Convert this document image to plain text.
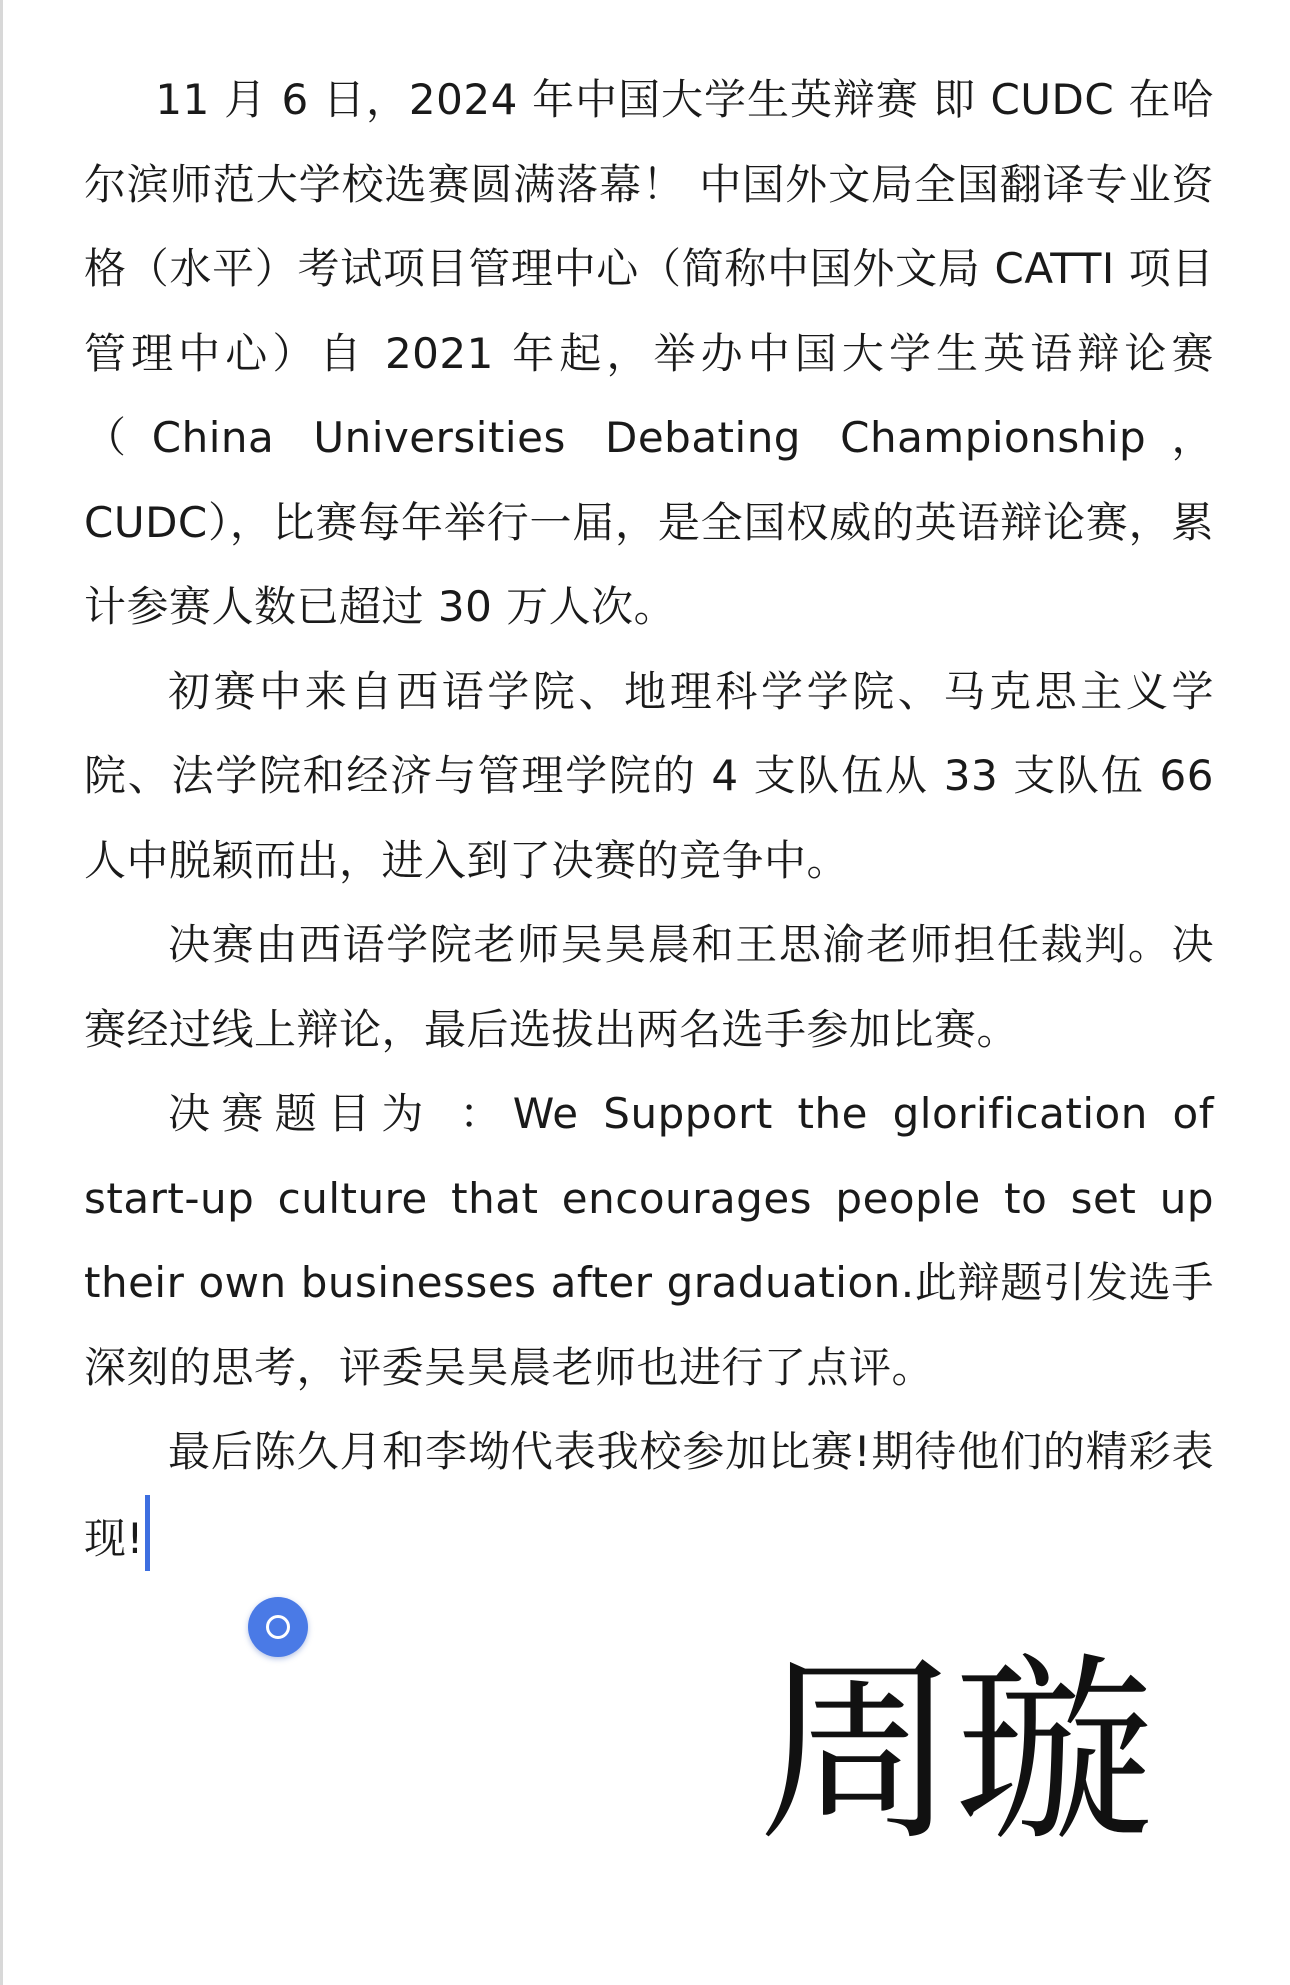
11 月 6 日，2024 年中国大学生英辩赛 即 CUDC 在哈尔滨师范大学校选赛圆满落幕！ 中国外文局全国翻译专业资格（水平）考试项目管理中心（简称中国外文局 CATTI 项目管理中心）自 2021 年起，举办中国大学生英语辩论赛（China Universities Debating Championship，CUDC），比赛每年举行一届，是全国权威的英语辩论赛，累计参赛人数已超过 30 万人次。

初赛中来自西语学院、地理科学学院、马克思主义学院、法学院和经济与管理学院的 4 支队伍从 33 支队伍 66 人中脱颖而出，进入到了决赛的竞争中。

决赛由西语学院老师吴昊晨和王思渝老师担任裁判。决赛经过线上辩论，最后选拔出两名选手参加比赛。

决赛题目为 ：We Support the glorification of start-up culture that encourages people to set up their own businesses after graduation.此辩题引发选手深刻的思考，评委吴昊晨老师也进行了点评。

最后陈久月和李坳代表我校参加比赛!期待他们的精彩表现!

周璇
